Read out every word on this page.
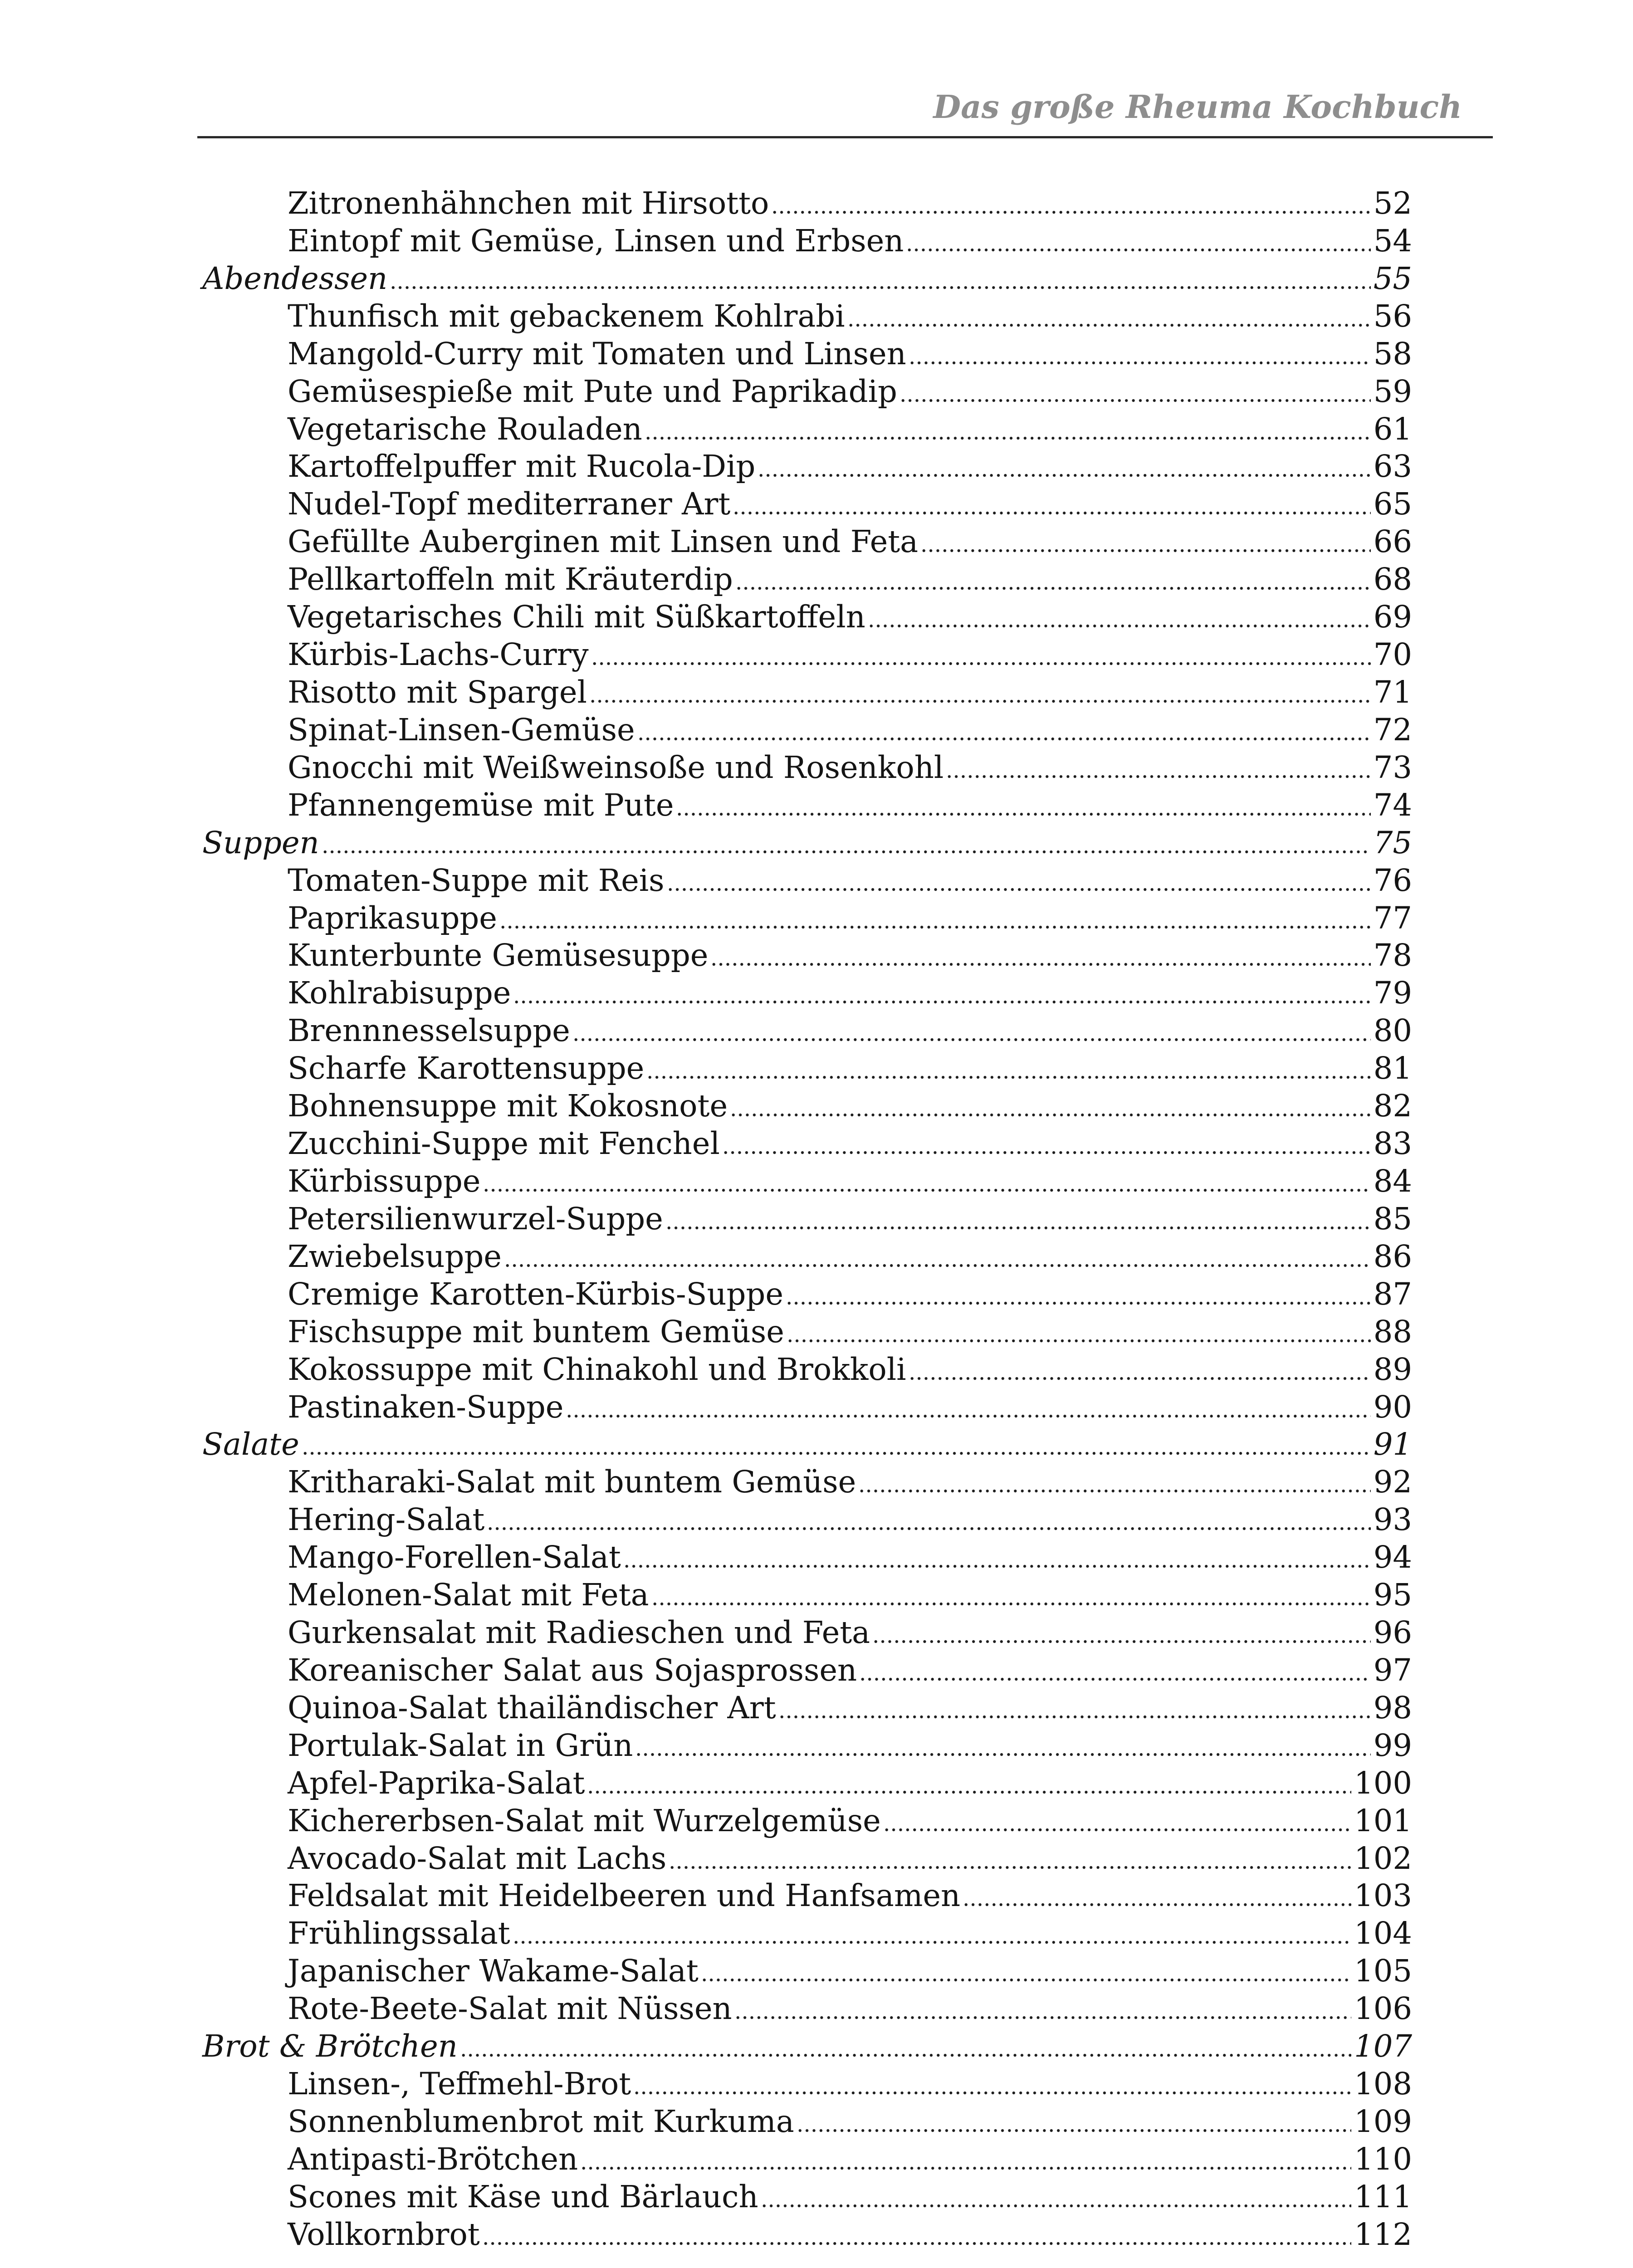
Das große Rheuma Kochbuch
Zitronenhähnchen mit Hirsotto	52
Eintopf mit Gemüse, Linsen und Erbsen	54
Abendessen	55
Thunfisch mit gebackenem Kohlrabi	56
Mangold-Curry mit Tomaten und Linsen	58
Gemüsespieße mit Pute und Paprikadip	59
Vegetarische Rouladen	61
Kartoffelpuffer mit Rucola-Dip	63
Nudel-Topf mediterraner Art	65
Gefüllte Auberginen mit Linsen und Feta	66
Pellkartoffeln mit Kräuterdip	68
Vegetarisches Chili mit Süßkartoffeln	69
Kürbis-Lachs-Curry	70
Risotto mit Spargel	71
Spinat-Linsen-Gemüse	72
Gnocchi mit Weißweinsoße und Rosenkohl	73
Pfannengemüse mit Pute	74
Suppen	75
Tomaten-Suppe mit Reis	76
Paprikasuppe	77
Kunterbunte Gemüsesuppe	78
Kohlrabisuppe	79
Brennnesselsuppe	80
Scharfe Karottensuppe	81
Bohnensuppe mit Kokosnote	82
Zucchini-Suppe mit Fenchel	83
Kürbissuppe	84
Petersilienwurzel-Suppe	85
Zwiebelsuppe	86
Cremige Karotten-Kürbis-Suppe	87
Fischsuppe mit buntem Gemüse	88
Kokossuppe mit Chinakohl und Brokkoli	89
Pastinaken-Suppe	90
Salate	91
Kritharaki-Salat mit buntem Gemüse	92
Hering-Salat	93
Mango-Forellen-Salat	94
Melonen-Salat mit Feta	95
Gurkensalat mit Radieschen und Feta	96
Koreanischer Salat aus Sojasprossen	97
Quinoa-Salat thailändischer Art	98
Portulak-Salat in Grün	99
Apfel-Paprika-Salat	100
Kichererbsen-Salat mit Wurzelgemüse	101
Avocado-Salat mit Lachs	102
Feldsalat mit Heidelbeeren und Hanfsamen	103
Frühlingssalat	104
Japanischer Wakame-Salat	105
Rote-Beete-Salat mit Nüssen	106
Brot & Brötchen	107
Linsen-, Teffmehl-Brot	108
Sonnenblumenbrot mit Kurkuma	109
Antipasti-Brötchen	110
Scones mit Käse und Bärlauch	111
Vollkornbrot	112
